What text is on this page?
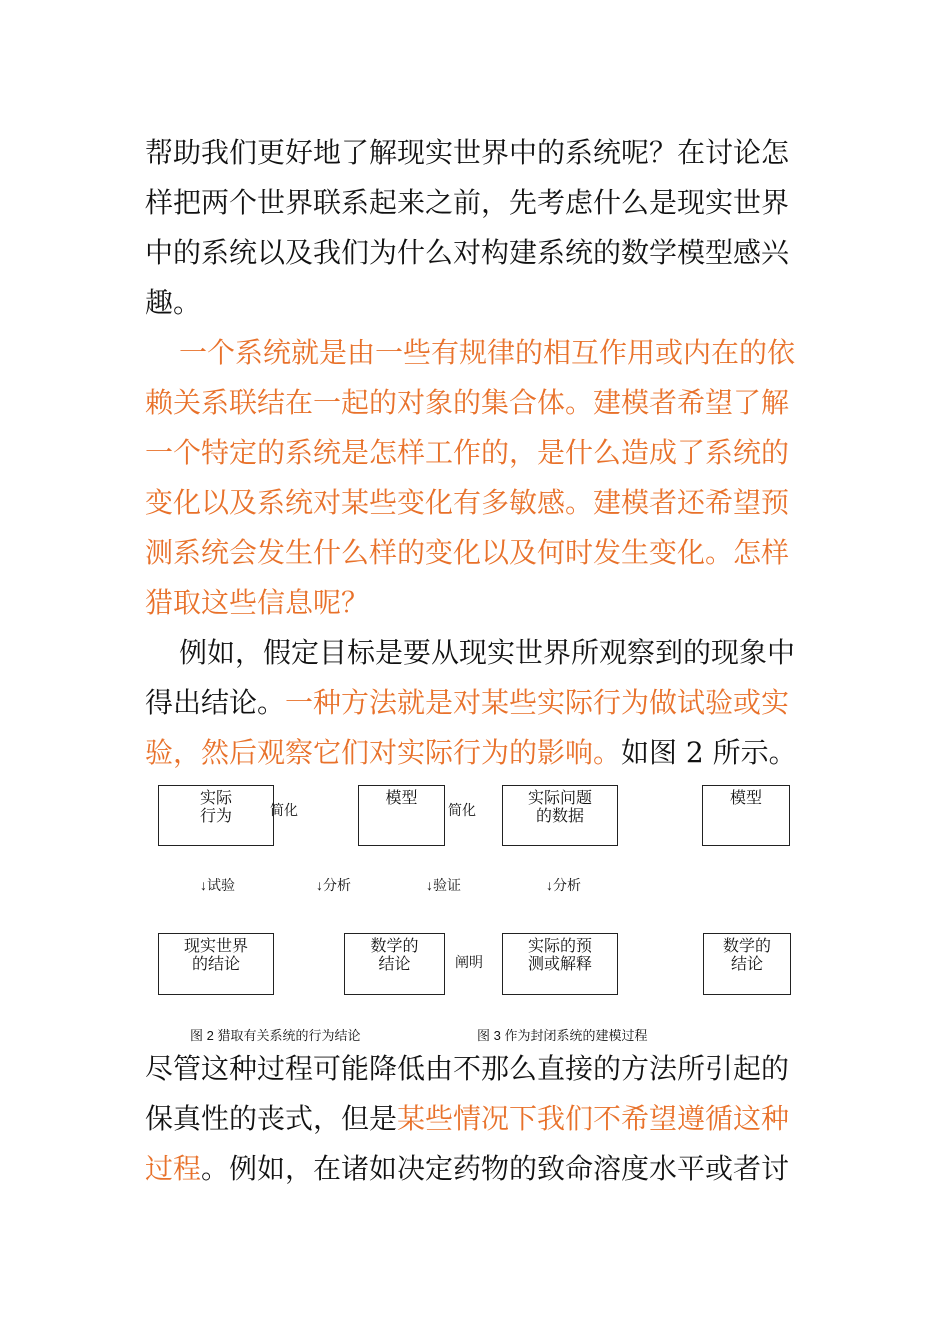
帮助我们更好地了解现实世界中的系统呢？在讨论怎样把两个世界联系起来之前，先考虑什么是现实世界中的系统以及我们为什么对构建系统的数学模型感兴趣。

一个系统就是由一些有规律的相互作用或内在的依赖关系联结在一起的对象的集合体。建模者希望了解一个特定的系统是怎样工作的，是什么造成了系统的变化以及系统对某些变化有多敏感。建模者还希望预测系统会发生什么样的变化以及何时发生变化。怎样猎取这些信息呢？

例如，假定目标是要从现实世界所观察到的现象中得出结论。一种方法就是对某些实际行为做试验或实验，然后观察它们对实际行为的影响。如图 2 所示。

实际
行为	简化
模型
↓试验	↓分析
现实世界
的结论
数学的
结论
图 2 猎取有关系统的行为结论
简化
实际问题
的数据
模型
↓验证	↓分析
阐明
实际的预
测或解释
数学的
结论
图 3 作为封闭系统的建模过程

尽管这种过程可能降低由不那么直接的方法所引起的保真性的丧式，但是某些情况下我们不希望遵循这种过程。例如，在诸如决定药物的致命溶度水平或者讨
